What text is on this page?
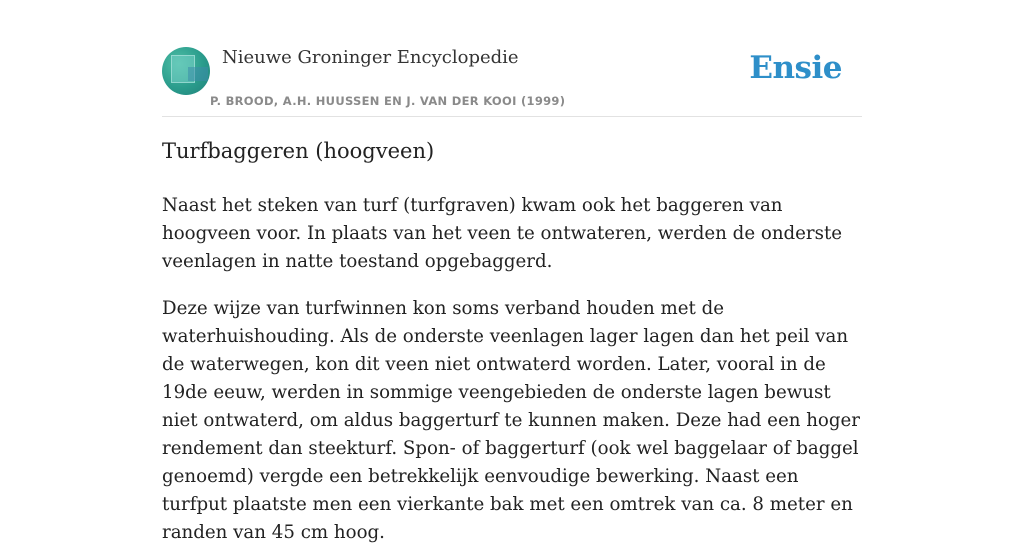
Nieuwe Groninger Encyclopedie
P. BROOD, A.H. HUUSSEN EN J. VAN DER KOOI (1999)
Ensie
Turfbaggeren (hoogveen)

Naast het steken van turf (turfgraven) kwam ook het baggeren van hoogveen voor. In plaats van het veen te ontwateren, werden de onderste veenlagen in natte toestand opgebaggerd.

Deze wijze van turfwinnen kon soms verband houden met de waterhuishouding. Als de onderste veenlagen lager lagen dan het peil van de waterwegen, kon dit veen niet ontwaterd worden. Later, vooral in de 19de eeuw, werden in sommige veengebieden de onderste lagen bewust niet ontwaterd, om aldus baggerturf te kunnen maken. Deze had een hoger rendement dan steekturf. Spon- of baggerturf (ook wel baggelaar of baggel genoemd) vergde een betrekkelijk eenvoudige bewerking. Naast een turfput plaatste men een vierkante bak met een omtrek van ca. 8 meter en randen van 45 cm hoog.
